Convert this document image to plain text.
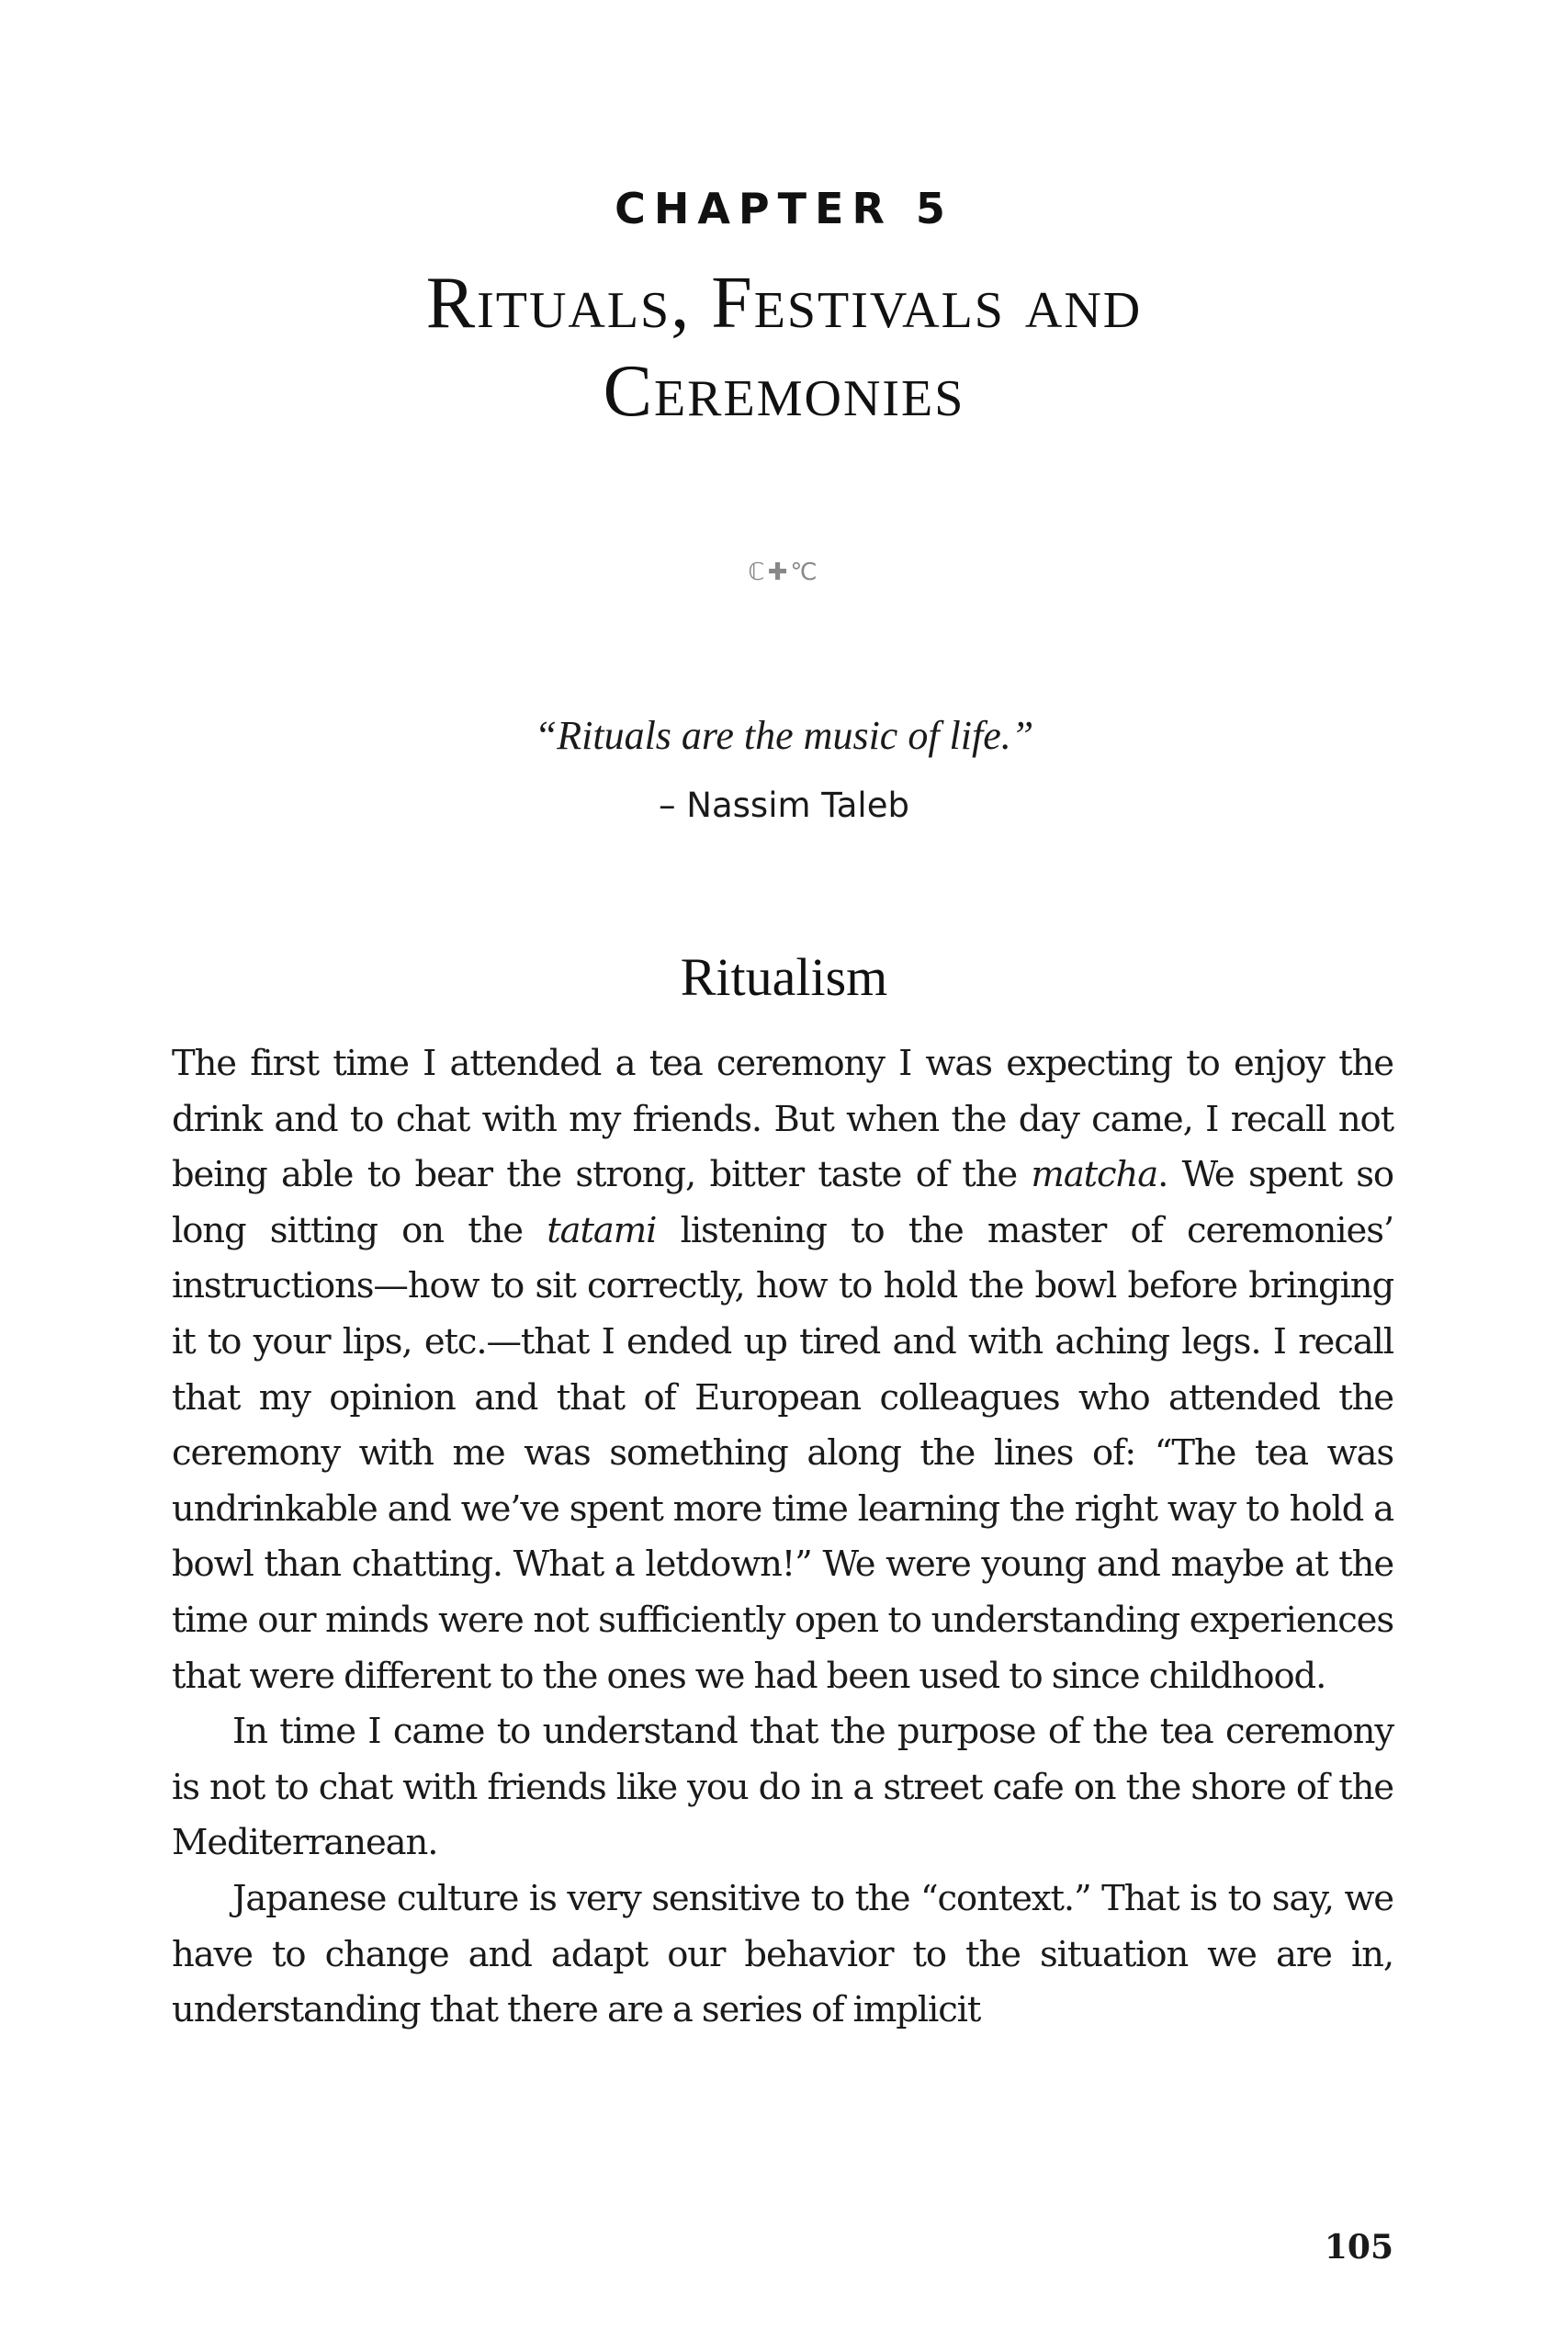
CHAPTER 5
Rituals, Festivals and
Ceremonies
ℂ✚℃
“Rituals are the music of life.”
– Nassim Taleb
Ritualism

The first time I attended a tea ceremony I was expecting to enjoy the drink and to chat with my friends. But when the day came, I recall not being able to bear the strong, bitter taste of the matcha. We spent so long sitting on the tatami listening to the master of ceremonies’ instructions—how to sit correctly, how to hold the bowl before bringing it to your lips, etc.—that I ended up tired and with aching legs. I recall that my opinion and that of European colleagues who attended the ceremony with me was something along the lines of: “The tea was undrinkable and we’ve spent more time learning the right way to hold a bowl than chatting. What a letdown!” We were young and maybe at the time our minds were not sufficiently open to understanding experiences that were different to the ones we had been used to since childhood.

In time I came to understand that the purpose of the tea ceremony is not to chat with friends like you do in a street cafe on the shore of the Mediterranean.

Japanese culture is very sensitive to the “context.” That is to say, we have to change and adapt our behavior to the situation we are in, understanding that there are a series of implicit

105
